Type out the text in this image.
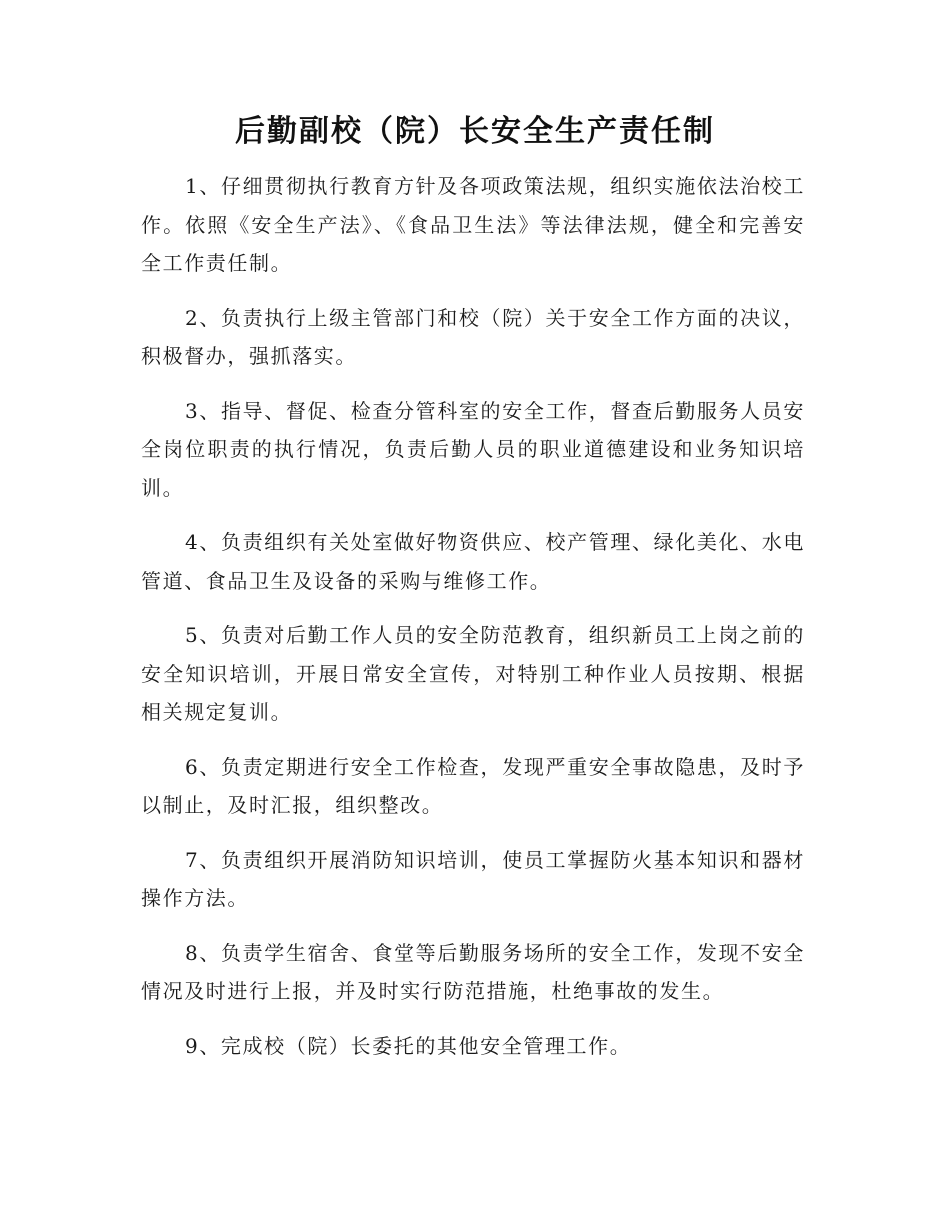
后勤副校（院）长安全生产责任制

1、仔细贯彻执行教育方针及各项政策法规，组织实施依法治校工作。依照《安全生产法》、《食品卫生法》等法律法规，健全和完善安全工作责任制。

2、负责执行上级主管部门和校（院）关于安全工作方面的决议，积极督办，强抓落实。

3、指导、督促、检查分管科室的安全工作，督查后勤服务人员安全岗位职责的执行情况，负责后勤人员的职业道德建设和业务知识培训。

4、负责组织有关处室做好物资供应、校产管理、绿化美化、水电管道、食品卫生及设备的采购与维修工作。

5、负责对后勤工作人员的安全防范教育，组织新员工上岗之前的安全知识培训，开展日常安全宣传，对特别工种作业人员按期、根据相关规定复训。

6、负责定期进行安全工作检查，发现严重安全事故隐患，及时予以制止，及时汇报，组织整改。

7、负责组织开展消防知识培训，使员工掌握防火基本知识和器材操作方法。

8、负责学生宿舍、食堂等后勤服务场所的安全工作，发现不安全情况及时进行上报，并及时实行防范措施，杜绝事故的发生。

9、完成校（院）长委托的其他安全管理工作。
